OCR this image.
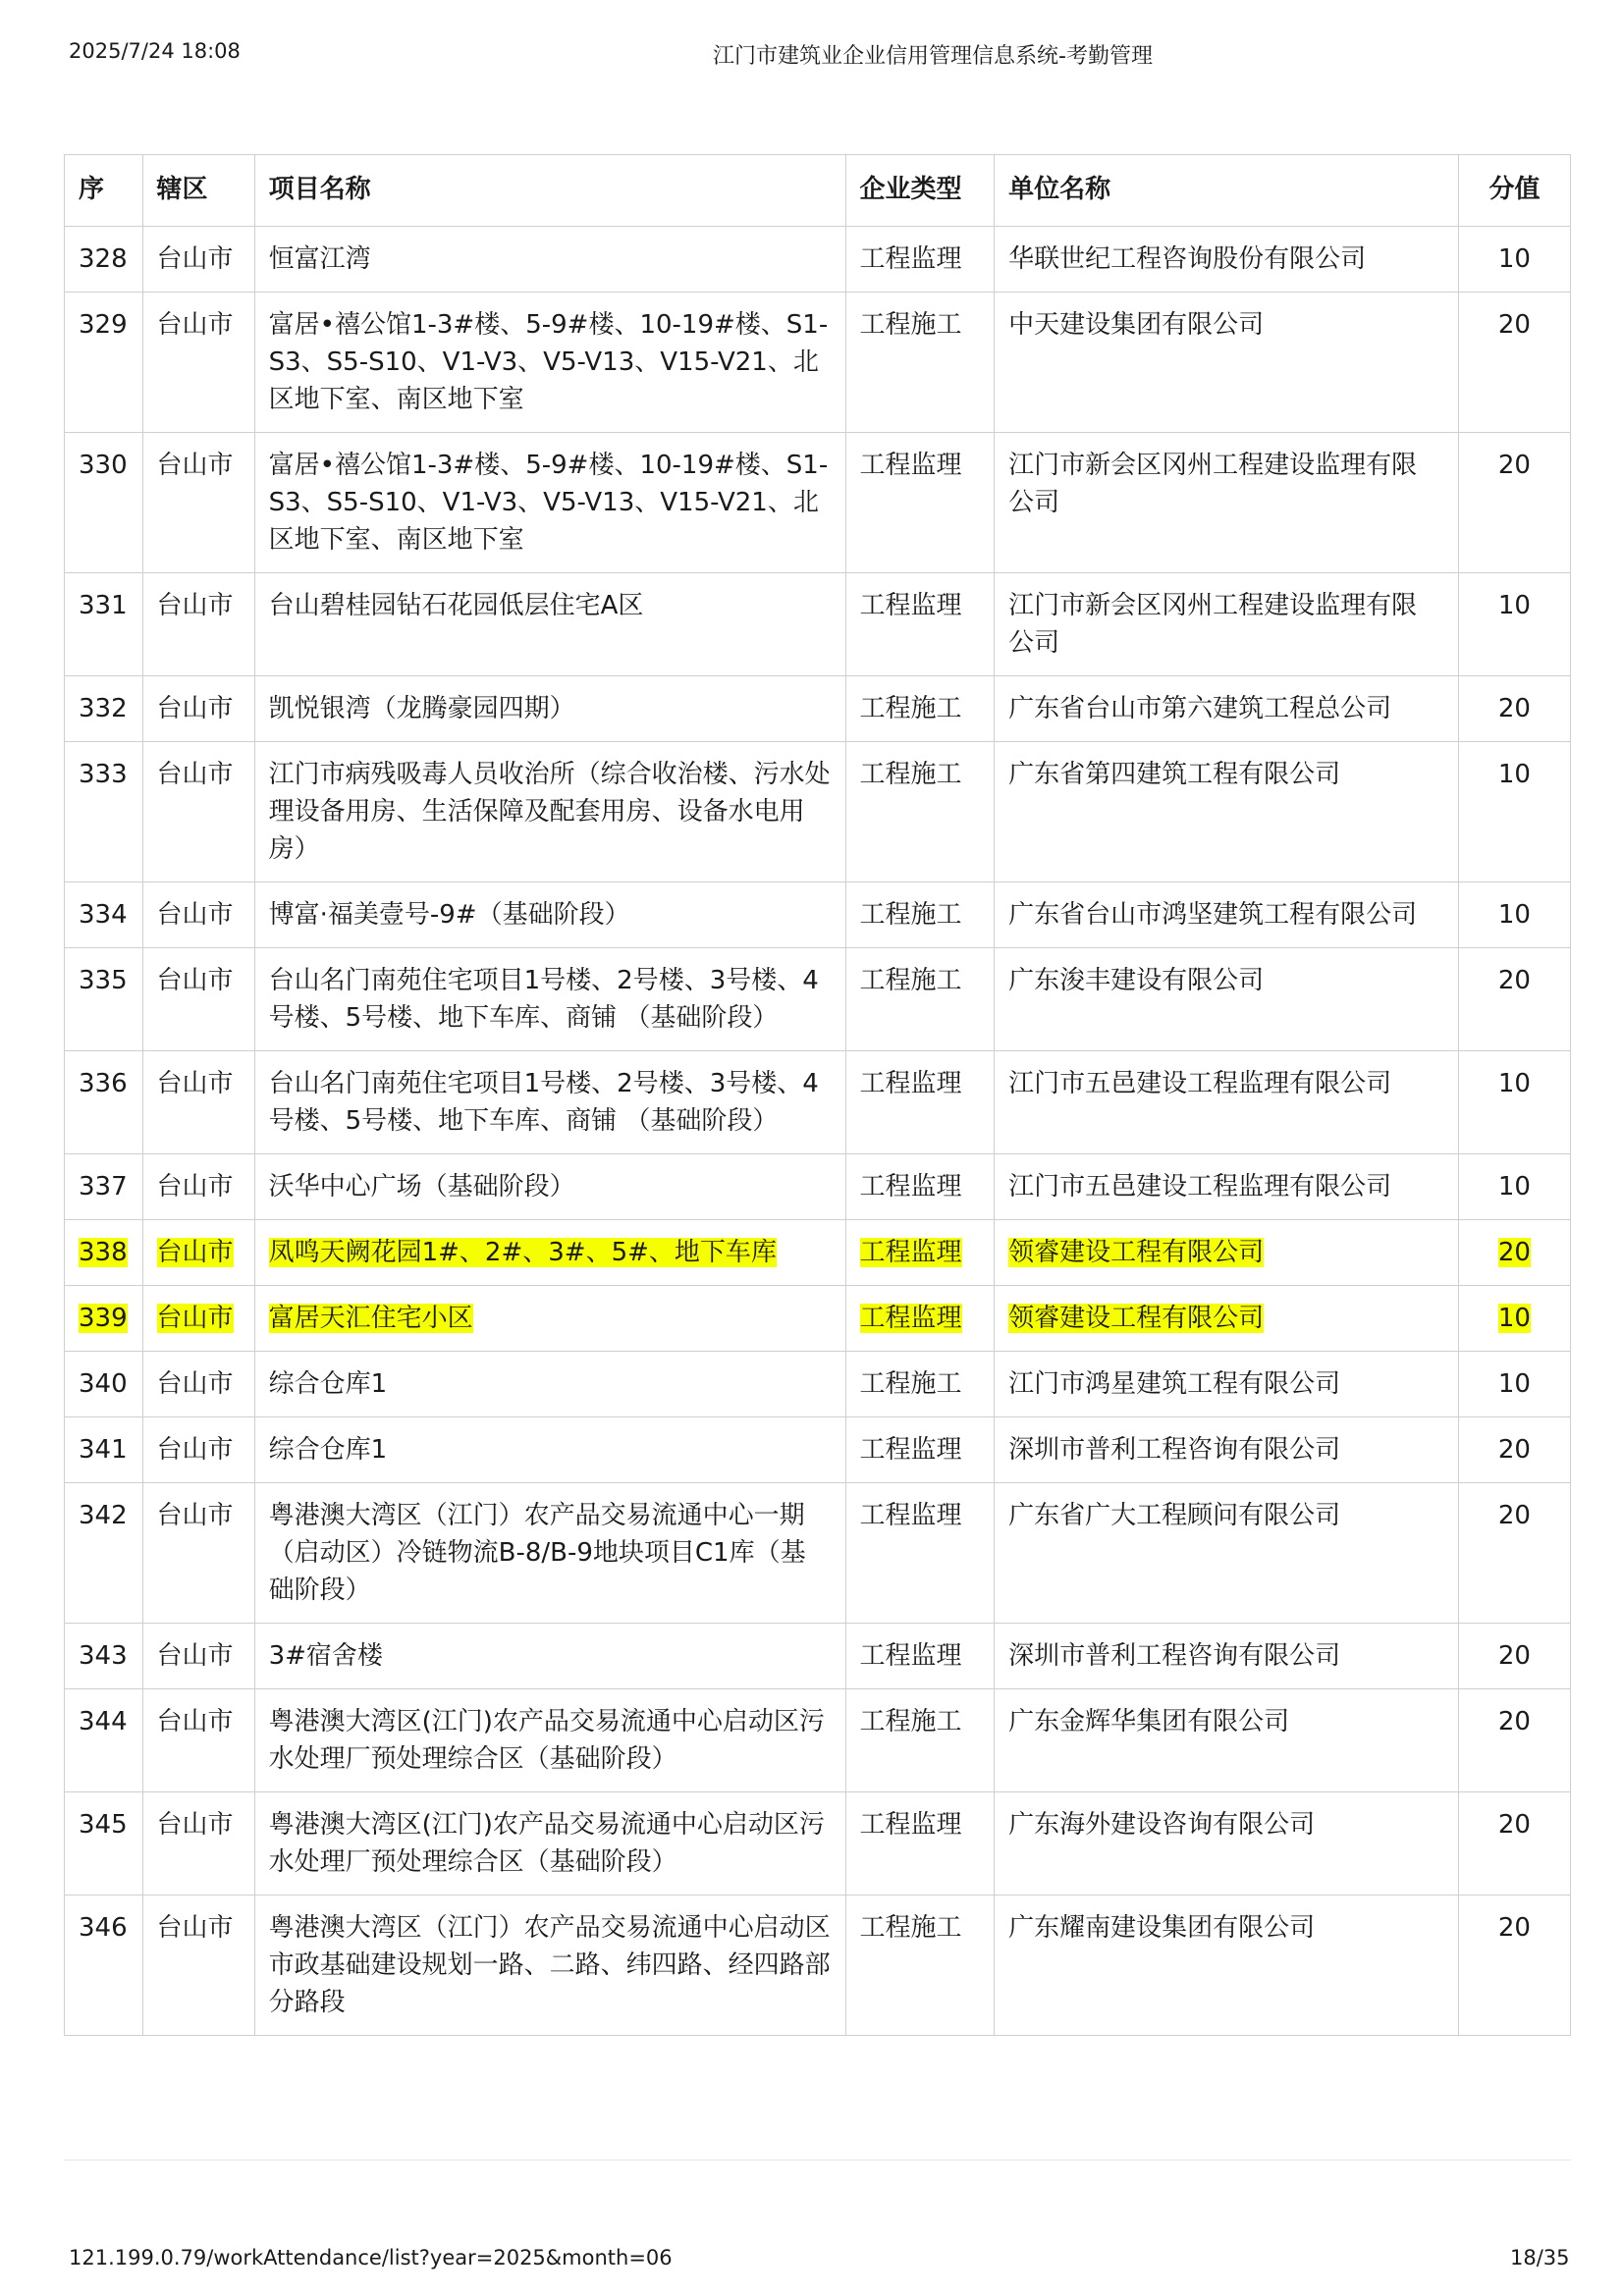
2025/7/24 18:08	江门市建筑业企业信用管理信息系统-考勤管理
序	辖区	项目名称	企业类型	单位名称	分值
328	台山市	恒富江湾	工程监理	华联世纪工程咨询股份有限公司	10
329	台山市	富居•禧公馆1-3#楼、5-9#楼、10-19#楼、S1-S3、S5-S10、V1-V3、V5-V13、V15-V21、北区地下室、南区地下室	工程施工	中天建设集团有限公司	20
330	台山市	富居•禧公馆1-3#楼、5-9#楼、10-19#楼、S1-S3、S5-S10、V1-V3、V5-V13、V15-V21、北区地下室、南区地下室	工程监理	江门市新会区冈州工程建设监理有限公司	20
331	台山市	台山碧桂园钻石花园低层住宅A区	工程监理	江门市新会区冈州工程建设监理有限公司	10
332	台山市	凯悦银湾（龙腾豪园四期）	工程施工	广东省台山市第六建筑工程总公司	20
333	台山市	江门市病残吸毒人员收治所（综合收治楼、污水处理设备用房、生活保障及配套用房、设备水电用房）	工程施工	广东省第四建筑工程有限公司	10
334	台山市	博富·福美壹号-9#（基础阶段）	工程施工	广东省台山市鸿坚建筑工程有限公司	10
335	台山市	台山名门南苑住宅项目1号楼、2号楼、3号楼、4号楼、5号楼、地下车库、商铺 （基础阶段）	工程施工	广东浚丰建设有限公司	20
336	台山市	台山名门南苑住宅项目1号楼、2号楼、3号楼、4号楼、5号楼、地下车库、商铺 （基础阶段）	工程监理	江门市五邑建设工程监理有限公司	10
337	台山市	沃华中心广场（基础阶段）	工程监理	江门市五邑建设工程监理有限公司	10
338	台山市	凤鸣天阙花园1#、2#、3#、5#、地下车库	工程监理	领睿建设工程有限公司	20
339	台山市	富居天汇住宅小区	工程监理	领睿建设工程有限公司	10
340	台山市	综合仓库1	工程施工	江门市鸿星建筑工程有限公司	10
341	台山市	综合仓库1	工程监理	深圳市普利工程咨询有限公司	20
342	台山市	粤港澳大湾区（江门）农产品交易流通中心一期（启动区）冷链物流B-8/B-9地块项目C1库（基础阶段）	工程监理	广东省广大工程顾问有限公司	20
343	台山市	3#宿舍楼	工程监理	深圳市普利工程咨询有限公司	20
344	台山市	粤港澳大湾区(江门)农产品交易流通中心启动区污水处理厂预处理综合区（基础阶段）	工程施工	广东金辉华集团有限公司	20
345	台山市	粤港澳大湾区(江门)农产品交易流通中心启动区污水处理厂预处理综合区（基础阶段）	工程监理	广东海外建设咨询有限公司	20
346	台山市	粤港澳大湾区（江门）农产品交易流通中心启动区市政基础建设规划一路、二路、纬四路、经四路部分路段	工程施工	广东耀南建设集团有限公司	20
121.199.0.79/workAttendance/list?year=2025&month=06	18/35
